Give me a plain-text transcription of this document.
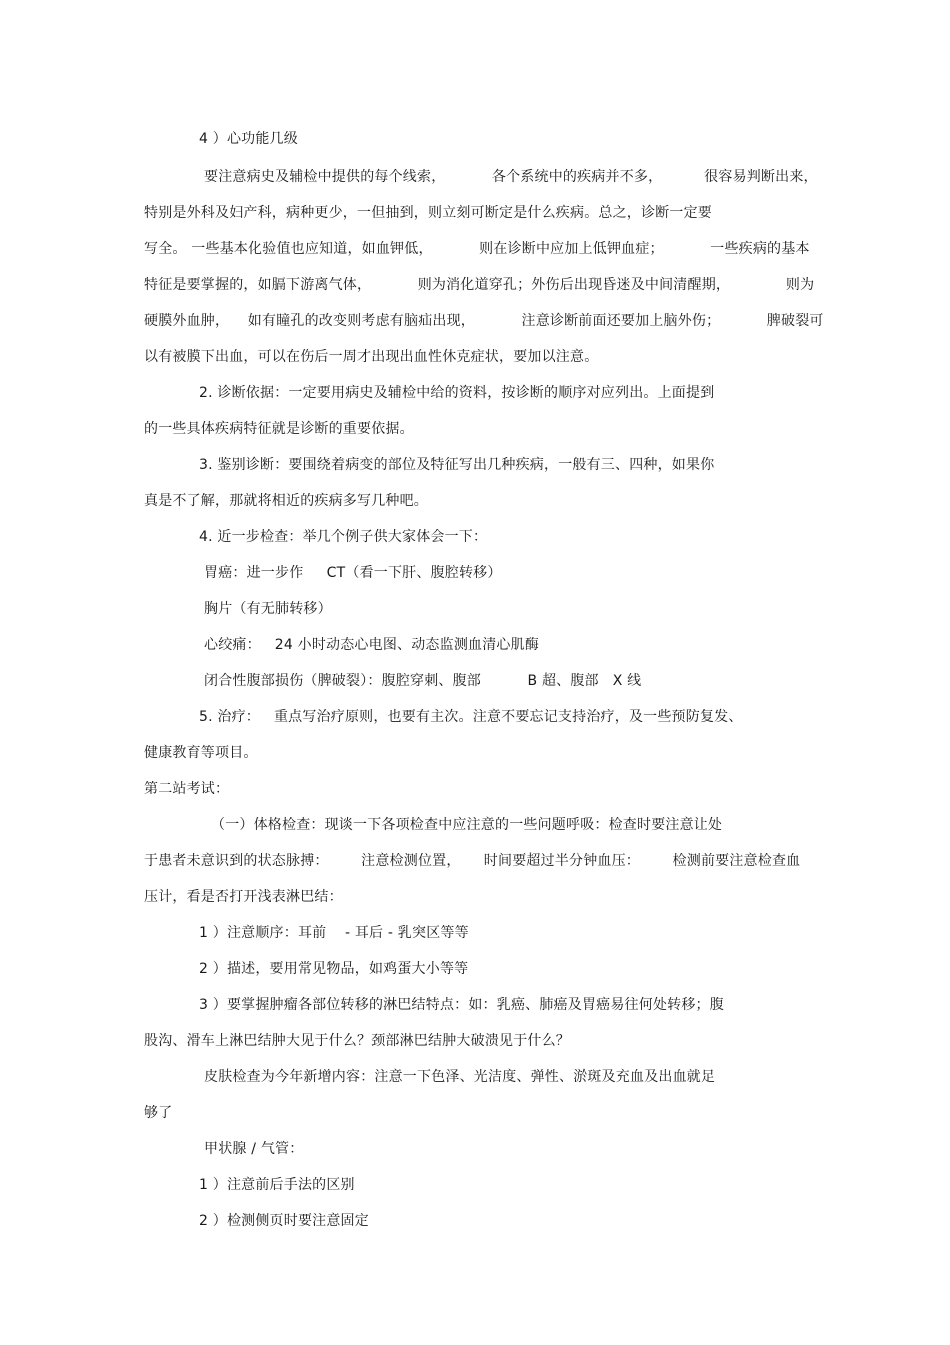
4 ）心功能几级
要注意病史及辅检中提供的每个线索，          各个系统中的疾病并不多，         很容易判断出来，
特别是外科及妇产科，病种更少，一但抽到，则立刻可断定是什么疾病。总之，诊断一定要
写全。 一些基本化验值也应知道，如血钾低，          则在诊断中应加上低钾血症；          一些疾病的基本
特征是要掌握的，如膈下游离气体，          则为消化道穿孔；外伤后出现昏迷及中间清醒期，            则为
硬膜外血肿，    如有瞳孔的改变则考虑有脑疝出现，          注意诊断前面还要加上脑外伤；          脾破裂可
以有被膜下出血，可以在伤后一周才出现出血性休克症状，要加以注意。
2. 诊断依据：一定要用病史及辅检中给的资料，按诊断的顺序对应列出。上面提到
的一些具体疾病特征就是诊断的重要依据。
3. 鉴别诊断：要围绕着病变的部位及特征写出几种疾病，一般有三、四种，如果你
真是不了解，那就将相近的疾病多写几种吧。
4. 近一步检查：举几个例子供大家体会一下：
胃癌：进一步作     CT（看一下肝、腹腔转移）
胸片（有无肺转移）
心绞痛：   24 小时动态心电图、动态监测血清心肌酶
闭合性腹部损伤（脾破裂）：腹腔穿刺、腹部          B 超、腹部   X 线
5. 治疗：   重点写治疗原则，也要有主次。注意不要忘记支持治疗，及一些预防复发、
健康教育等项目。
第二站考试：
（一）体格检查：现谈一下各项检查中应注意的一些问题呼吸：检查时要注意让处
于患者未意识到的状态脉搏：       注意检测位置，     时间要超过半分钟血压：       检测前要注意检查血
压计，看是否打开浅表淋巴结：
1 ）注意顺序：耳前    - 耳后 - 乳突区等等
2 ）描述，要用常见物品，如鸡蛋大小等等
3 ）要掌握肿瘤各部位转移的淋巴结特点：如：乳癌、肺癌及胃癌易往何处转移；腹
股沟、滑车上淋巴结肿大见于什么？颈部淋巴结肿大破溃见于什么？
皮肤检查为今年新增内容：注意一下色泽、光洁度、弹性、淤斑及充血及出血就足
够了
甲状腺 / 气管：
1 ）注意前后手法的区别
2 ）检测侧页时要注意固定
